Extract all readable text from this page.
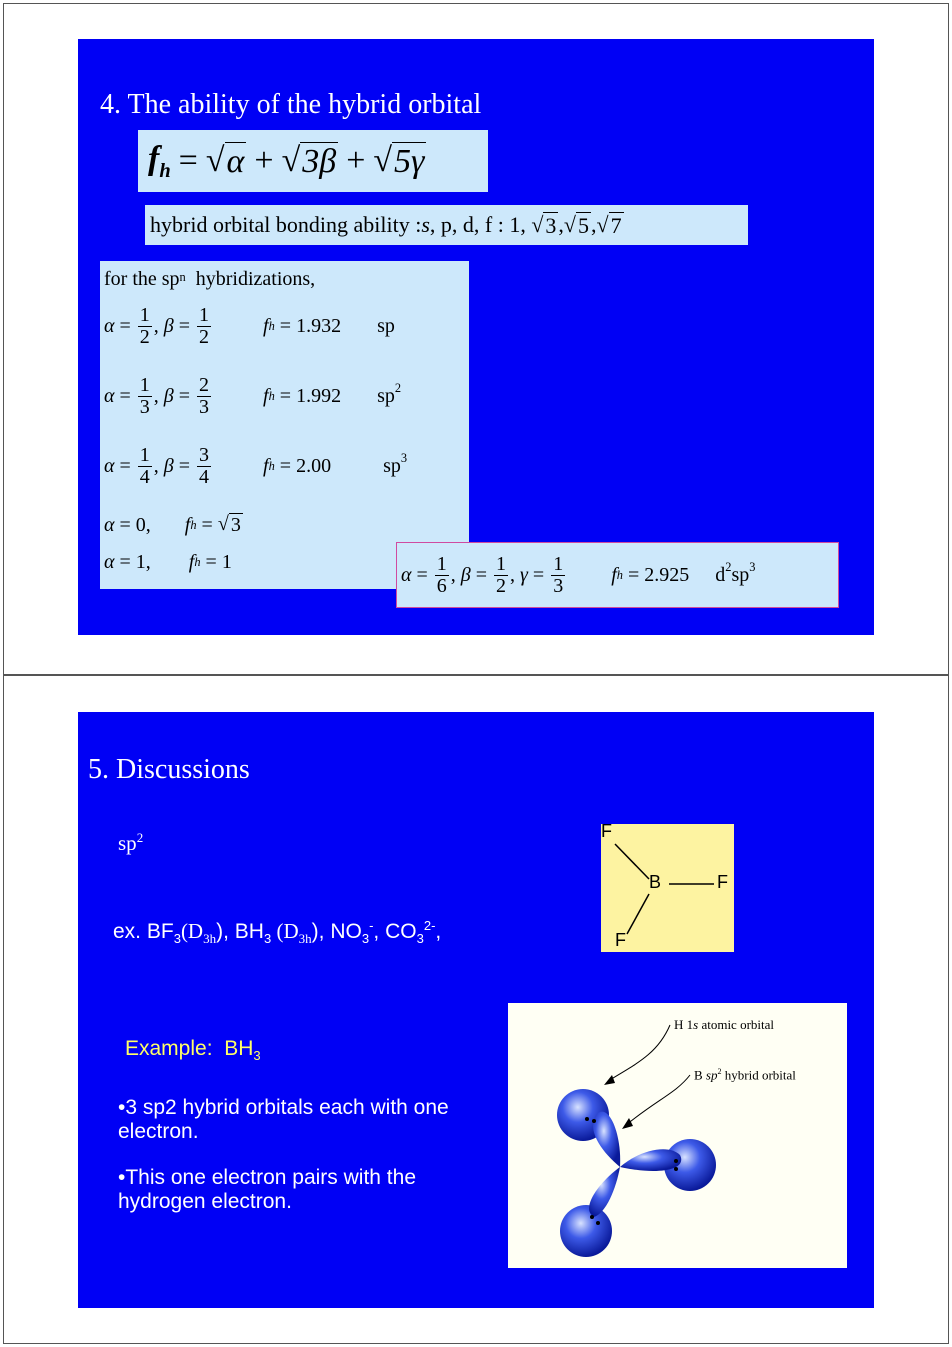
4. The ability of the hybrid orbital
$f_h$ = √ α + √ 3β + √ 5γ
hybrid orbital bonding ability : s , p, d, f : 1, √ 3 , √ 5 , √ 7
for the $sp^n$ hybridizations,
$\alpha = \frac{1}{2}$ , $\beta = \frac{1}{2}$	f h = 1.932 sp
$\alpha = \frac{1}{3}$ , $\beta = \frac{2}{3}$	f h = 1.992 $sp^2$
$\alpha = \frac{1}{4}$ , $\beta = \frac{3}{4}$	f h = 2.00	$sp^3$
α = 0, f h = √ 3
α = 1, f h = 1
$\alpha = \frac{1}{6}$ , $\beta = \frac{1}{2}$ , $\gamma = \frac{1}{3}$ f h = 2.925 $d^2$ $sp^3$
5. Discussions
$sp^2$
ex. $BF_3(D_{3h})$, $BH_3$ $(D_{3h})$, $NO_3^-$, $CO_3^{2-}$,
F
B	F
F
Example:  $BH_3$
•3 sp2 hybrid orbitals each with one electron.
•This one electron pairs with the hydrogen electron.
H 1s atomic orbital
B $sp^2$ hybrid orbital
